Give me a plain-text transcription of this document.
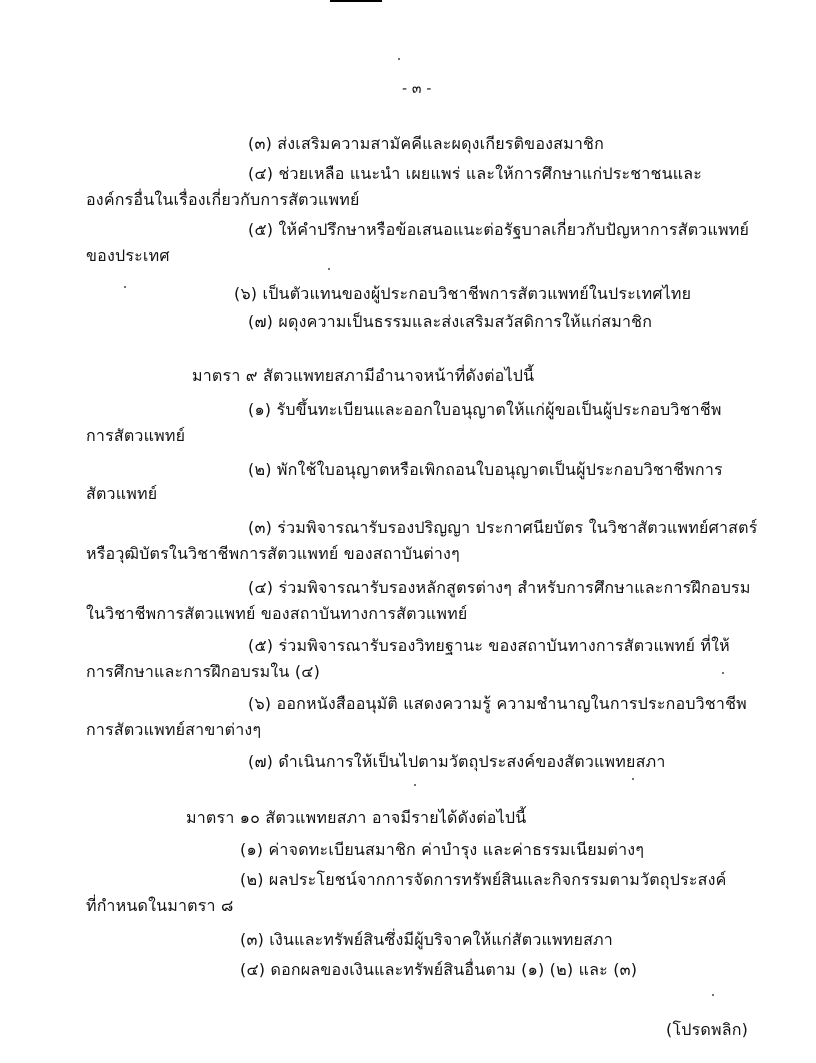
- ๓ -
(๓) ส่งเสริมความสามัคคีและผดุงเกียรติของสมาชิก
(๔) ช่วยเหลือ แนะนำ เผยแพร่ และให้การศึกษาแก่ประชาชนและ
องค์กรอื่นในเรื่องเกี่ยวกับการสัตวแพทย์
(๕) ให้คำปรึกษาหรือข้อเสนอแนะต่อรัฐบาลเกี่ยวกับปัญหาการสัตวแพทย์
ของประเทศ
(๖) เป็นตัวแทนของผู้ประกอบวิชาชีพการสัตวแพทย์ในประเทศไทย
(๗) ผดุงความเป็นธรรมและส่งเสริมสวัสดิการให้แก่สมาชิก
มาตรา ๙ สัตวแพทยสภามีอำนาจหน้าที่ดังต่อไปนี้
(๑) รับขึ้นทะเบียนและออกใบอนุญาตให้แก่ผู้ขอเป็นผู้ประกอบวิชาชีพ
การสัตวแพทย์
(๒) พักใช้ใบอนุญาตหรือเพิกถอนใบอนุญาตเป็นผู้ประกอบวิชาชีพการ
สัตวแพทย์
(๓) ร่วมพิจารณารับรองปริญญา ประกาศนียบัตร ในวิชาสัตวแพทย์ศาสตร์
หรือวุฒิบัตรในวิชาชีพการสัตวแพทย์ ของสถาบันต่างๆ
(๔) ร่วมพิจารณารับรองหลักสูตรต่างๆ สำหรับการศึกษาและการฝึกอบรม
ในวิชาชีพการสัตวแพทย์ ของสถาบันทางการสัตวแพทย์
(๕) ร่วมพิจารณารับรองวิทยฐานะ ของสถาบันทางการสัตวแพทย์ ที่ให้
การศึกษาและการฝึกอบรมใน (๔)
(๖) ออกหนังสืออนุมัติ แสดงความรู้ ความชำนาญในการประกอบวิชาชีพ
การสัตวแพทย์สาขาต่างๆ
(๗) ดำเนินการให้เป็นไปตามวัตถุประสงค์ของสัตวแพทยสภา
มาตรา ๑๐ สัตวแพทยสภา อาจมีรายได้ดังต่อไปนี้
(๑) ค่าจดทะเบียนสมาชิก ค่าบำรุง และค่าธรรมเนียมต่างๆ
(๒) ผลประโยชน์จากการจัดการทรัพย์สินและกิจกรรมตามวัตถุประสงค์
ที่กำหนดในมาตรา ๘
(๓) เงินและทรัพย์สินซึ่งมีผู้บริจาคให้แก่สัตวแพทยสภา
(๔) ดอกผลของเงินและทรัพย์สินอื่นตาม (๑) (๒) และ (๓)
(โปรดพลิก)
